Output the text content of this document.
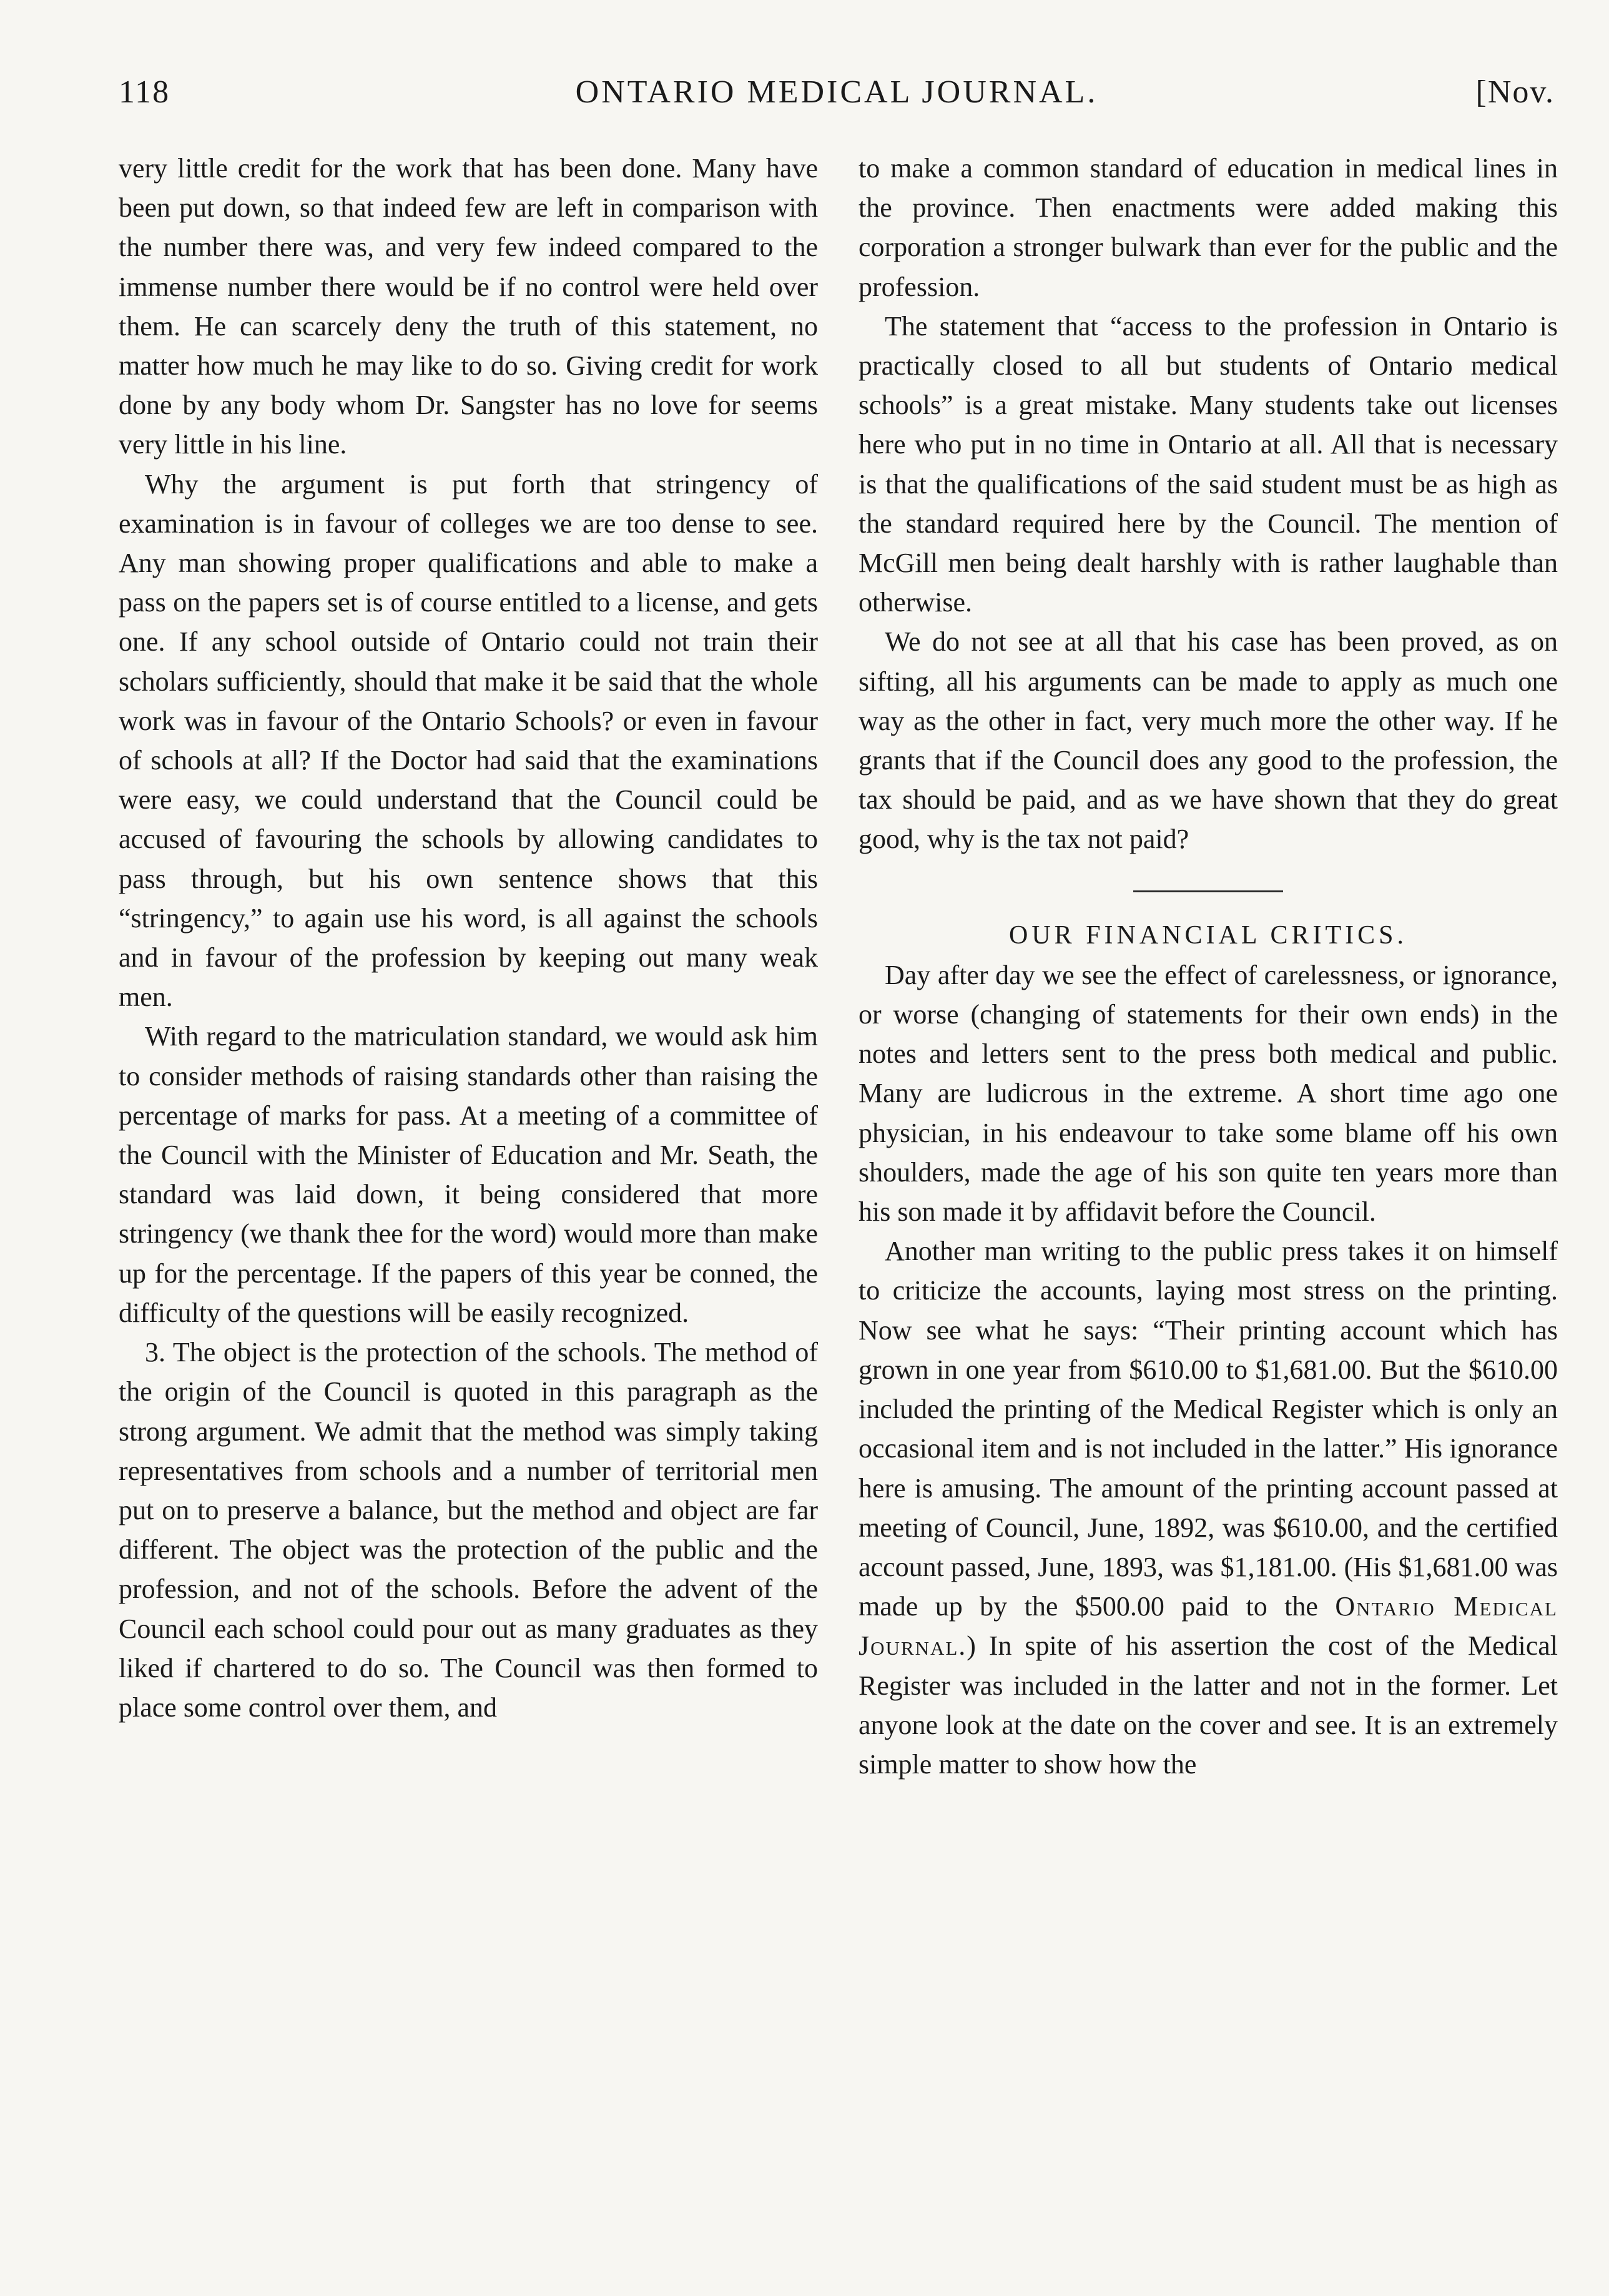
118	ONTARIO MEDICAL JOURNAL.	[Nov.

very little credit for the work that has been done. Many have been put down, so that indeed few are left in comparison with the number there was, and very few indeed compared to the immense number there would be if no control were held over them. He can scarcely deny the truth of this statement, no matter how much he may like to do so. Giving credit for work done by any body whom Dr. Sangster has no love for seems very little in his line.

Why the argument is put forth that stringency of examination is in favour of colleges we are too dense to see. Any man showing proper qualifications and able to make a pass on the papers set is of course entitled to a license, and gets one. If any school outside of Ontario could not train their scholars sufficiently, should that make it be said that the whole work was in favour of the Ontario Schools? or even in favour of schools at all? If the Doctor had said that the examinations were easy, we could understand that the Council could be accused of favouring the schools by allowing candidates to pass through, but his own sentence shows that this “stringency,” to again use his word, is all against the schools and in favour of the profession by keeping out many weak men.

With regard to the matriculation standard, we would ask him to consider methods of raising standards other than raising the percentage of marks for pass. At a meeting of a committee of the Council with the Minister of Education and Mr. Seath, the standard was laid down, it being considered that more stringency (we thank thee for the word) would more than make up for the percentage. If the papers of this year be conned, the difficulty of the questions will be easily recognized.

3. The object is the protection of the schools. The method of the origin of the Council is quoted in this paragraph as the strong argument. We admit that the method was simply taking representatives from schools and a number of territorial men put on to preserve a balance, but the method and object are far different. The object was the protection of the public and the profession, and not of the schools. Before the advent of the Council each school could pour out as many graduates as they liked if chartered to do so. The Council was then formed to place some control over them, and

to make a common standard of education in medical lines in the province. Then enactments were added making this corporation a stronger bulwark than ever for the public and the profession.

The statement that “access to the profession in Ontario is practically closed to all but students of Ontario medical schools” is a great mistake. Many students take out licenses here who put in no time in Ontario at all. All that is necessary is that the qualifications of the said student must be as high as the standard required here by the Council. The mention of McGill men being dealt harshly with is rather laughable than otherwise.

We do not see at all that his case has been proved, as on sifting, all his arguments can be made to apply as much one way as the other in fact, very much more the other way. If he grants that if the Council does any good to the profession, the tax should be paid, and as we have shown that they do great good, why is the tax not paid?

OUR FINANCIAL CRITICS.

Day after day we see the effect of carelessness, or ignorance, or worse (changing of statements for their own ends) in the notes and letters sent to the press both medical and public. Many are ludicrous in the extreme. A short time ago one physician, in his endeavour to take some blame off his own shoulders, made the age of his son quite ten years more than his son made it by affidavit before the Council.

Another man writing to the public press takes it on himself to criticize the accounts, laying most stress on the printing. Now see what he says: “Their printing account which has grown in one year from $610.00 to $1,681.00. But the $610.00 included the printing of the Medical Register which is only an occasional item and is not included in the latter.” His ignorance here is amusing. The amount of the printing account passed at meeting of Council, June, 1892, was $610.00, and the certified account passed, June, 1893, was $1,181.00. (His $1,681.00 was made up by the $500.00 paid to the Ontario Medical Journal.) In spite of his assertion the cost of the Medical Register was included in the latter and not in the former. Let anyone look at the date on the cover and see. It is an extremely simple matter to show how the
